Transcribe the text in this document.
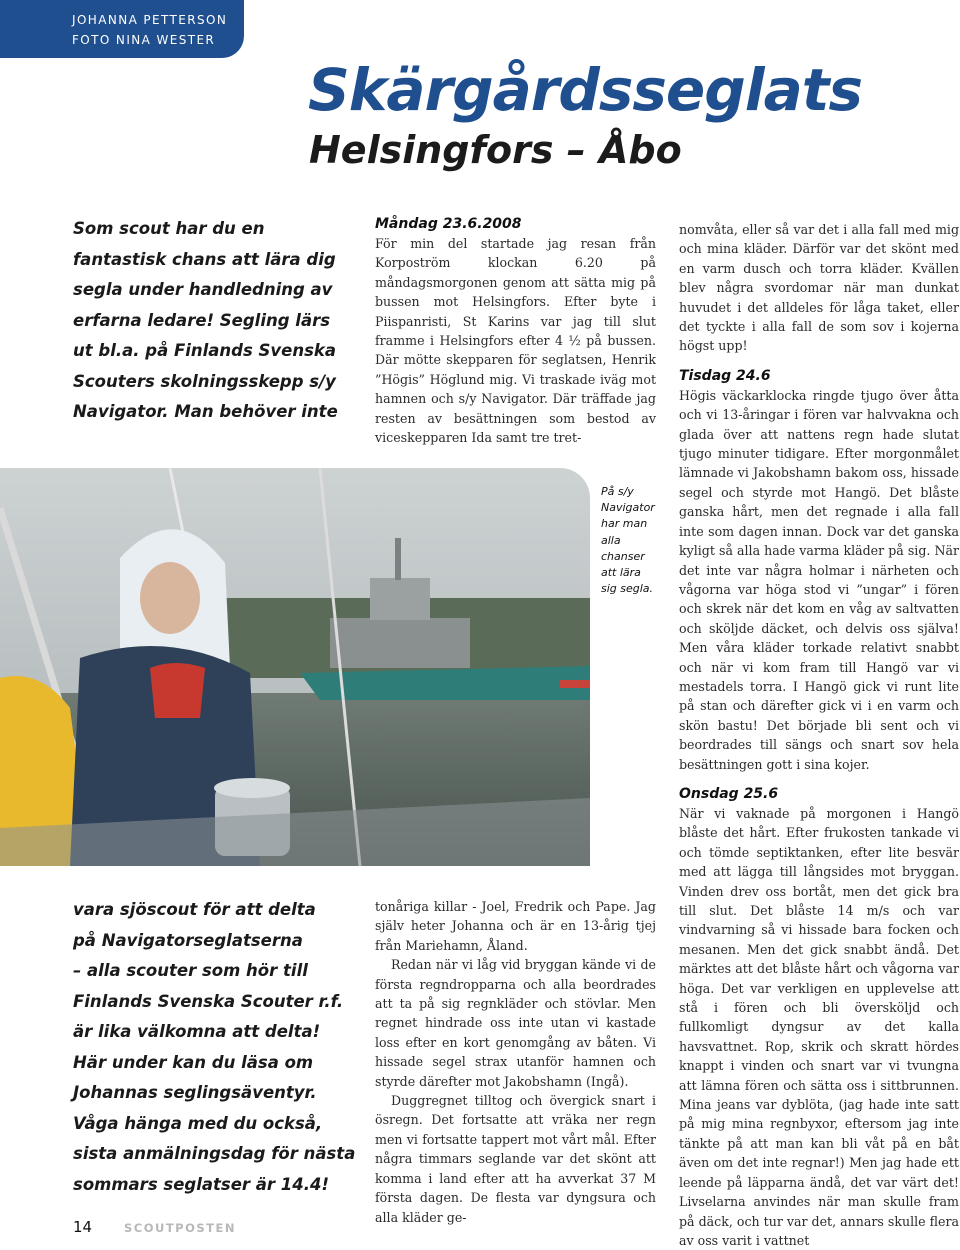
JOHANNA PETTERSON
FOTO NINA WESTER
Skärgårdsseglats
Helsingfors – Åbo
Som scout har du en
fantastisk chans att lära dig
segla under handledning av
erfarna ledare! Segling lärs
ut bl.a. på Finlands Svenska
Scouters skolningsskepp s/y
Navigator. Man behöver inte
Måndag 23.6.2008

För min del startade jag resan från Korpoström klockan 6.20 på måndagsmorgonen genom att sätta mig på bussen mot Helsingfors. Efter byte i Piispanristi, St Karins var jag till slut framme i Helsingfors efter 4 ½ på bussen. Där mötte skepparen för seglatsen, Henrik ”Högis” Höglund mig. Vi traskade iväg mot hamnen och s/y Navigator. Där träffade jag resten av besättningen som bestod av viceskepparen Ida samt tre tret-

På s/y
Navigator
har man
alla
chanser
att lära
sig segla.
vara sjöscout för att delta
på Navigatorseglatserna
– alla scouter som hör till
Finlands Svenska Scouter r.f.
är lika välkomna att delta!
Här under kan du läsa om
Johannas seglingsäventyr.
Våga hänga med du också,
sista anmälningsdag för nästa
sommars seglatser är 14.4!

tonåriga killar - Joel, Fredrik och Pape. Jag själv heter Johanna och är en 13-årig tjej från Mariehamn, Åland.

Redan när vi låg vid bryggan kände vi de första regndropparna och alla beordrades att ta på sig regnkläder och stövlar. Men regnet hindrade oss inte utan vi kastade loss efter en kort genomgång av båten. Vi hissade segel strax utanför hamnen och styrde därefter mot Jakobshamn (Ingå).

Duggregnet tilltog och övergick snart i ösregn. Det fortsatte att vräka ner regn men vi fortsatte tappert mot vårt mål. Efter några timmars seglande var det skönt att komma i land efter att ha avverkat 37 M första dagen. De flesta var dyngsura och alla kläder ge-

nomvåta, eller så var det i alla fall med mig och mina kläder. Därför var det skönt med en varm dusch och torra kläder. Kvällen blev några svordomar när man dunkat huvudet i det alldeles för låga taket, eller det tyckte i alla fall de som sov i kojerna högst upp!

Tisdag 24.6

Högis väckarklocka ringde tjugo över åtta och vi 13-åringar i fören var halvvakna och glada över att nattens regn hade slutat tjugo minuter tidigare. Efter morgonmålet lämnade vi Jakobshamn bakom oss, hissade segel och styrde mot Hangö. Det blåste ganska hårt, men det regnade i alla fall inte som dagen innan. Dock var det ganska kyligt så alla hade varma kläder på sig. När det inte var några holmar i närheten och vågorna var höga stod vi ”ungar” i fören och skrek när det kom en våg av saltvatten och sköljde däcket, och delvis oss själva! Men våra kläder torkade relativt snabbt och när vi kom fram till Hangö var vi mestadels torra. I Hangö gick vi runt lite på stan och därefter gick vi i en varm och skön bastu! Det började bli sent och vi beordrades till sängs och snart sov hela besättningen gott i sina kojer.

Onsdag 25.6

När vi vaknade på morgonen i Hangö blåste det hårt. Efter frukosten tankade vi och tömde septiktanken, efter lite besvär med att lägga till långsides mot bryggan. Vinden drev oss bortåt, men det gick bra till slut. Det blåste 14 m/s och var vindvarning så vi hissade bara focken och mesanen. Men det gick snabbt ändå. Det märktes att det blåste hårt och vågorna var höga. Det var verkligen en upplevelse att stå i fören och bli översköljd och fullkomligt dyngsur av det kalla havsvattnet. Rop, skrik och skratt hördes knappt i vinden och snart var vi tvungna att lämna fören och sätta oss i sittbrunnen. Mina jeans var dyblöta, (jag hade inte satt på mig mina regnbyxor, eftersom jag inte tänkte på att man kan bli våt på en båt även om det inte regnar!) Men jag hade ett leende på läpparna ändå, det var värt det! Livselarna anvindes när man skulle fram på däck, och tur var det, annars skulle flera av oss varit i vattnet

14	SCOUTPOSTEN
